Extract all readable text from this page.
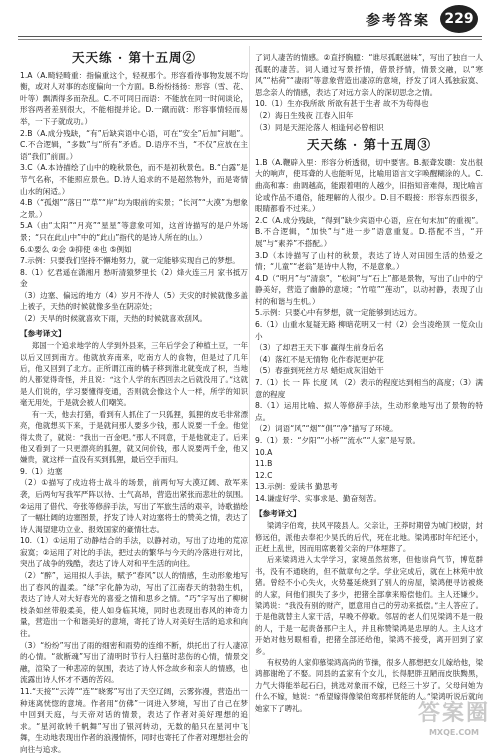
参考答案	229
天天练 · 第十五周②

1.A（A.畸轻畸重：指偏重这个，轻视那个。形容看待事物发展不均衡，或对人对事的态度偏向一个方面。B.纷纷扬扬：形容（雪、花、叶等）飘洒得多而杂乱。C.不可同日而语：不能放在同一时间谈论，形容两者差别很大，不能相提并论。D.一蹴而就：形容事情轻而易举，一下子就成功。）

2.B（A.成分残缺，“有”后缺宾语中心语，可在“安全”后加“问题”。C.不合逻辑，“多数”与“所有”矛盾。D.语序不当，“不仅”应放在主语“我们”前面。）

3.C（A.本诗描绘了山中的晚秋景色，而不是初秋景色。B.“白露”是节气名称，不能照应景色。D.诗人追求的不是超然物外，而是寄情山水的闲适。）

4.B（“孤烟”“落日”“草”“岸”均为眼前的实景；“长河”“大漠”为想象之景。）

5.A（由“太阳”“月亮”“星星”等意象可知，这首诗描写的是户外场景；“只在此山中”中的“此山”指代的是诗人所在的山。）

6.①要么 ②会 ③抑使 ④也 ⑤例如

7.示例：只要我们坚持不懈地努力，就一定能够实现自己的梦想。

8.（1）忆君遥在潇湘月 愁听清猿梦里长（2）烽火连三月 家书抵万金

（3）边塞、偏远的地方（4）岁月不待人（5）天灾的时候就像多盖上被子，天热的时候就像多坐在阴凉处；

（2）天旱的时候就喜欢下雨，天热的时候就喜欢刮风。

【参考译文】

郑国一个追求地学的人学到外县来，三年后学会了种植土豆，一年以后又回到南方。他就放弃南来，吃南方人的食物，但是过了几年后，他又回到了北方。正所谓江南的橘子移到淮北就变成了枳，当地的人都觉得奇怪，并且说：“这个人学的东西回去之后就没用了。”这就是人们说的，学习要懂得变通，否则就会像这个人一样，所学的知识毫无用处，于是就会被人们嘲笑。

有一天，他去打猎，看到有人抓住了一只狐狸，狐狸的皮毛非常漂亮，他就想买下来，于是就问那人要多少钱，那人说要一千金。他觉得太贵了，就说：“我出一百金吧。”那人不同意，于是他就走了。后来他又看到了一只更漂亮的狐狸，就又问价钱，那人说要两千金，他又嫌贵，就这样一直没有买到狐狸，最后空手而归。

9.（1）边塞

（2）①描写了戍边将士战斗的场景，前两句写大漠辽阔、敌军来袭，后两句写我军严阵以待、士气高昂，营造出紧张而悲壮的氛围。②运用了借代、夸张等修辞手法，写出了军旅生活的艰辛，诗歌描绘了一幅壮阔的边塞图景，抒发了诗人对边塞将士的赞美之情，表达了诗人渴望建功立业、报效国家的豪情壮志。

10.（1）①运用了动静结合的手法，以静衬动，写出了边地的荒凉寂寞；②运用了对比的手法，把过去的繁华与今天的冷落进行对比，突出了战争的残酷，表达了诗人对和平生活的向往。

（2）“醉”，运用拟人手法，赋予“春风”以人的情感，生动形象地写出了春风的温柔。“绿”字化静为动，写出了江南春天的勃勃生机，表达了诗人对大好春光的喜爱之情和思乡之情。“巧”字写出了柳树枝条如丝带般柔美，使人如身临其境，同时也表现出春风的神奇力量，营造出一个和谐美好的意境，寄托了诗人对美好生活的追求和向往。

（3）“纷纷”写出了雨的细密和雨势的连绵不断，烘托出了行人凄凉的心情。“欲断魂”写出了清明时节行人扫墓时悲伤的心情，情景交融，渲染了一种悲凉的氛围，表达了诗人怀念故乡和亲人的情感，也流露出诗人怀才不遇的苦闷。

11.“天接”“云涛”“连”“晓雾”写出了天空辽阔，云雾弥漫，营造出一种迷离恍惚的意境。作者用“仿佛”一词进入梦境，写出了自己在梦中回到天庭，与天帝对话的情景，表达了作者对美好理想的追求。“星河欲转千帆舞”写出了银河转动，无数的船只在星河中飞舞，生动地表现出作者的浪漫情怀，同时也寄托了作者对理想社会的向往与追求。

了词人凄苦的情感。②直抒胸臆：“谁尽孤眠滋味”，写出了独自一人孤眠的凄苦。词人通过写景抒情，借景抒情，情景交融，以“寒风”“枯荷”“凄雨”等意象营造出凄凉的意境，抒发了词人孤独寂寞、思念亲人的情感，表达了对远方亲人的深切思念之情。

10.（1）生亦我所欲 所欲有甚于生者 故不为苟得也

（2）海日生残夜 江春入旧年

（3）同是天涯沦落人 相逢何必曾相识

天天练 · 第十五周③

1.B（A.鞭辟入里：形容分析透彻，切中要害。B.振聋发聩：发出很大的响声，使耳聋的人也能听见，比喻用语言文字唤醒糊涂的人。C.曲高和寡：曲调越高，能跟着唱的人越少，旧指知音难得，现比喻言论或作品不通俗，能理解的人很少。D.目不暇接：形容东西很多，眼睛都看不过来。）

2.C（A.成分残缺，“得到”缺少宾语中心语，应在句末加“的重视”。B.不合逻辑，“加快”与“进一步”语意重复。D.搭配不当，“开展”与“素养”不搭配。）

3.D（本诗描写了山村的秋景，表达了诗人对田园生活的热爱之情；“儿童”“老翁”是诗中人物，不是意象。）

4.D（“明月”与“清泉”，“松间”与“石上”都是景物，写出了山中的宁静美好，营造了幽静的意境；“竹喧”“莲动”，以动衬静，表现了山村的和谐与生机。）

5.示例：只要心中有梦想，就一定能够到达远方。

6.（1）山重水复疑无路 柳暗花明又一村（2）会当凌绝顶 一览众山小

（3）了却君王天下事 赢得生前身后名

（4）落红不是无情物 化作春泥更护花

（5）春蚕到死丝方尽 蜡炬成灰泪始干

7.（1）长 一 阵 长度 风 （2）表示的程度达到相当的高度；（3）满意的程度

8.（1）运用比喻、拟人等修辞手法，生动形象地写出了景物的特点。

（2）词语“风”“烟”“俱”“净”描写了环境。

9.（1）景：“夕阳”“小桥”“流水”“人家”是写景。

10.A

11.B

12.C

13.示例：爱读书 勤思考

14.谦虚好学、实事求是、勤奋刻苦。

【参考译文】

梁鸿字伯鸾，扶风平陵县人。父亲让，王莽时期曾为城门校尉，封修远伯，派他去奉祀少昊氏的后代，死在北地。梁鸿那时年纪还小，正赶上乱世，因而用席裹着父亲的尸体埋葬了。

后来梁鸿进入太学学习，家境虽然贫寒，但他崇尚气节，博览群书，没有不通晓的，但不做章句之学。学业完成后，就在上林苑中放猪。曾经不小心失火，火势蔓延烧到了别人的房屋，梁鸿便寻访被烧的人家，问他们损失了多少，把猪全部拿来赔偿他们。主人还嫌少。梁鸿说：“我没有别的财产，愿意用自己的劳动来抵偿。”主人答应了。于是他就替主人家干活，早晚不停歇。邻居的老人们见梁鸿不是一般的人，于是一起责备那户主人，并且称赞梁鸿是忠厚的人。主人这才开始对他另眼相看，把猪全部还给他，梁鸿不接受，离开回到了家乡。

有权势的人家仰慕梁鸿高尚的节操，很多人都想把女儿嫁给他，梁鸿都谢绝了不娶。同县的孟家有个女儿，长得肥胖丑陋而皮肤黝黑，力气大得能举起石臼，挑选对象而不嫁，已经三十岁了。父母问她为什么不嫁，她说：“希望嫁得像梁伯鸾那样贤能的人。”梁鸿听说后就向她家下了聘礼。	答案圈
MXQE.COM
